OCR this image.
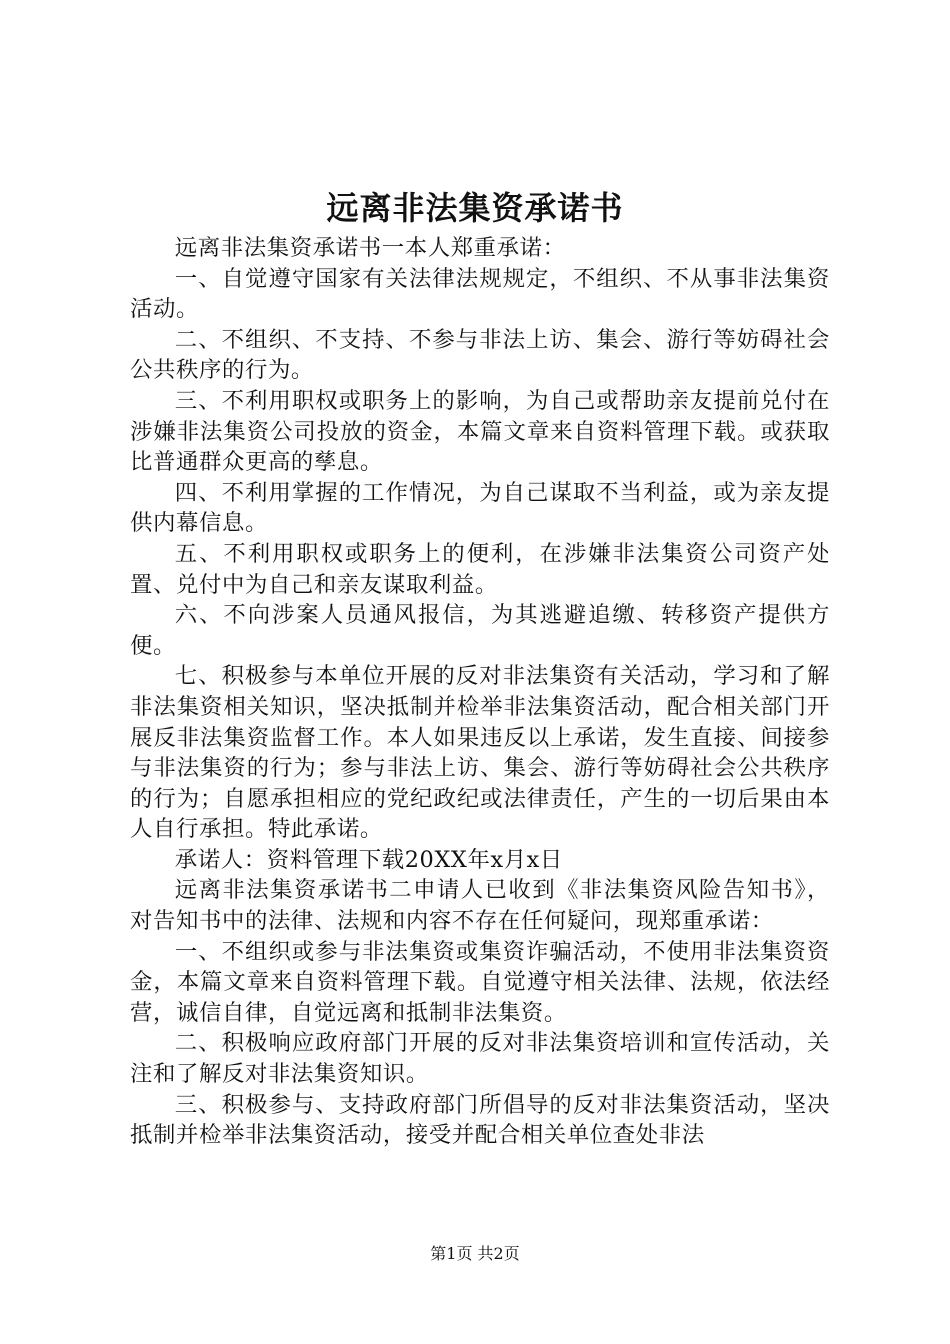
远离非法集资承诺书

远离非法集资承诺书一本人郑重承诺：

一、自觉遵守国家有关法律法规规定，不组织、不从事非法集资活动。

二、不组织、不支持、不参与非法上访、集会、游行等妨碍社会公共秩序的行为。

三、不利用职权或职务上的影响，为自己或帮助亲友提前兑付在涉嫌非法集资公司投放的资金，本篇文章来自资料管理下载。或获取比普通群众更高的孳息。

四、不利用掌握的工作情况，为自己谋取不当利益，或为亲友提供内幕信息。

五、不利用职权或职务上的便利，在涉嫌非法集资公司资产处置、兑付中为自己和亲友谋取利益。

六、不向涉案人员通风报信，为其逃避追缴、转移资产提供方便。

七、积极参与本单位开展的反对非法集资有关活动，学习和了解非法集资相关知识，坚决抵制并检举非法集资活动，配合相关部门开展反非法集资监督工作。本人如果违反以上承诺，发生直接、间接参与非法集资的行为；参与非法上访、集会、游行等妨碍社会公共秩序的行为；自愿承担相应的党纪政纪或法律责任，产生的一切后果由本人自行承担。特此承诺。

承诺人：资料管理下载20XX年x月x日

远离非法集资承诺书二申请人已收到《非法集资风险告知书》，对告知书中的法律、法规和内容不存在任何疑问，现郑重承诺：

一、不组织或参与非法集资或集资诈骗活动，不使用非法集资资金，本篇文章来自资料管理下载。自觉遵守相关法律、法规，依法经营，诚信自律，自觉远离和抵制非法集资。

二、积极响应政府部门开展的反对非法集资培训和宣传活动，关注和了解反对非法集资知识。

三、积极参与、支持政府部门所倡导的反对非法集资活动，坚决抵制并检举非法集资活动，接受并配合相关单位查处非法

第1页 共2页
